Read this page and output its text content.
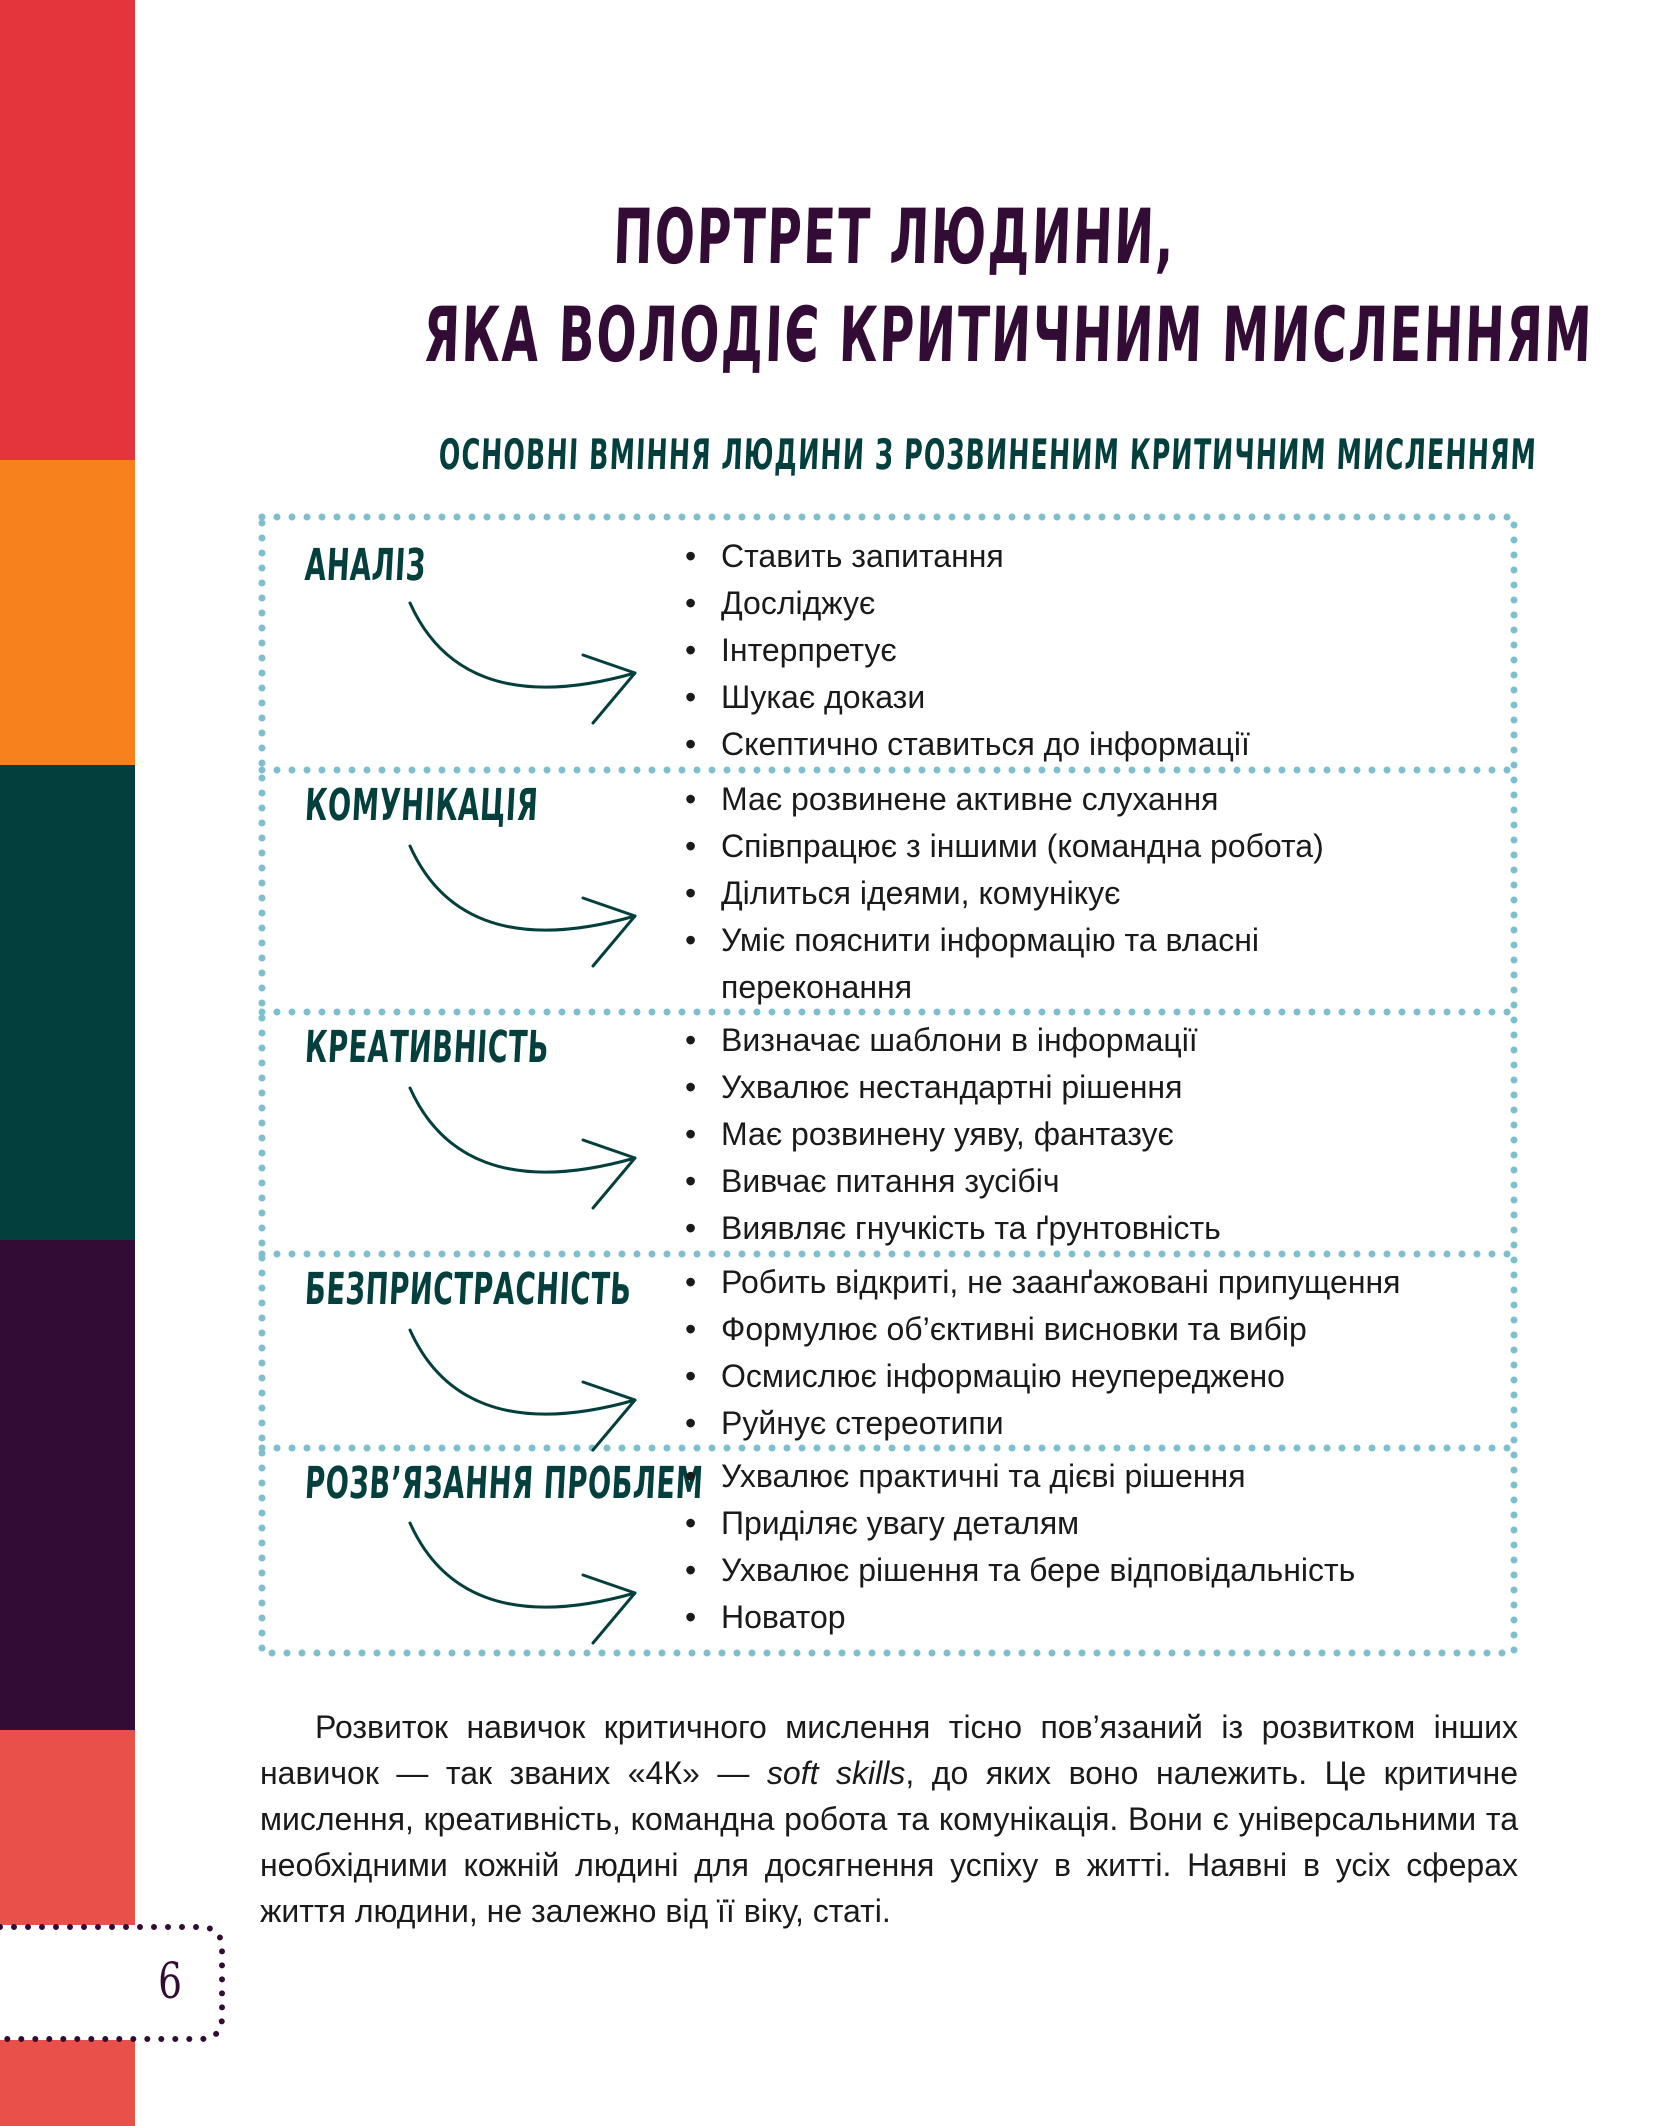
6
ПОРТРЕТ ЛЮДИНИ,
ЯКА ВОЛОДІЄ КРИТИЧНИМ МИСЛЕННЯМ
ОСНОВНІ ВМІННЯ ЛЮДИНИ З РОЗВИНЕНИМ КРИТИЧНИМ МИСЛЕННЯМ
АНАЛІЗ	• Ставить запитання
• Досліджує
• Інтерпретує
• Шукає докази
• Скептично ставиться до інформації
КОМУНІКАЦІЯ	• Має розвинене активне слухання
• Співпрацює з іншими (командна робота)
• Ділиться ідеями, комунікує
• Уміє пояснити інформацію та власні
переконання
КРЕАТИВНІСТЬ	• Визначає шаблони в інформації
• Ухвалює нестандартні рішення
• Має розвинену уяву, фантазує
• Вивчає питання зусібіч
• Виявляє гнучкість та ґрунтовність
БЕЗПРИСТРАСНІСТЬ	• Робить відкриті, не заанґажовані припущення
• Формулює об’єктивні висновки та вибір
• Осмислює інформацію неупереджено
• Руйнує стереотипи
РОЗВ’ЯЗАННЯ ПРОБЛЕМ • Ухвалює практичні та дієві рішення
• Приділяє увагу деталям
• Ухвалює рішення та бере відповідальність
• Новатор

Розвиток навичок критичного мислення тісно пов’язаний із розвитком інших навичок — так званих «4К» — soft skills, до яких воно належить. Це критичне мислення, креативність, командна робота та комунікація. Вони є універсальними та необхідними кожній людині для досягнення успіху в житті. Наявні в усіх сферах життя людини, не залежно від її віку, статі.
